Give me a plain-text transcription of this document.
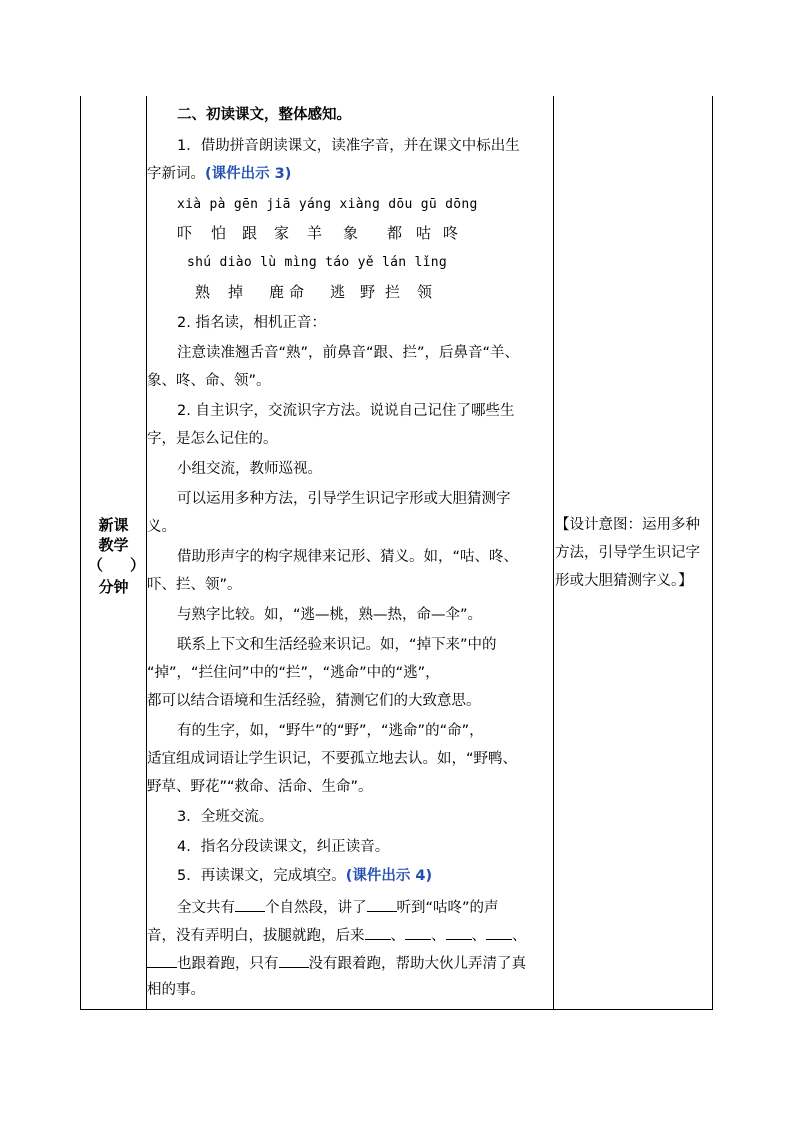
新课
教学
（ ）
分钟
二、初读课文，整体感知。
1．借助拼音朗读课文，读准字音，并在课文中标出生
字新词。(课件出示 3)
xià pà gēn jiā yáng xiàng dōu gū dōng
吓 怕 跟 家 羊 象 都 咕 咚
shú diào lù mìng táo yě lán lǐng
熟 掉 鹿 命 逃 野 拦 领
2. 指名读，相机正音：
注意读准翘舌音“熟”，前鼻音“跟、拦”，后鼻音“羊、
象、咚、命、领”。
2. 自主识字，交流识字方法。说说自己记住了哪些生
字，是怎么记住的。
小组交流，教师巡视。
可以运用多种方法，引导学生识记字形或大胆猜测字
义。
借助形声字的构字规律来记形、猜义。如，“咕、咚、
吓、拦、领”。
与熟字比较。如，“逃—桃，熟—热，命—伞”。
联系上下文和生活经验来识记。如，“掉下来”中的
“掉”，“拦住问”中的“拦”，“逃命”中的“逃”，
都可以结合语境和生活经验，猜测它们的大致意思。
有的生字，如，“野牛”的“野”，“逃命”的“命”，
适宜组成词语让学生识记，不要孤立地去认。如，“野鸭、
野草、野花”“救命、活命、生命”。
3．全班交流。
4．指名分段读课文，纠正读音。
5．再读课文，完成填空。(课件出示 4)
全文共有 个自然段，讲了 听到“咕咚”的声
音，没有弄明白，拔腿就跑，后来 、 、 、 、
也跟着跑，只有 没有跟着跑，帮助大伙儿弄清了真
相的事。
【设计意图：运用多种
方法，引导学生识记字
形或大胆猜测字义。】
